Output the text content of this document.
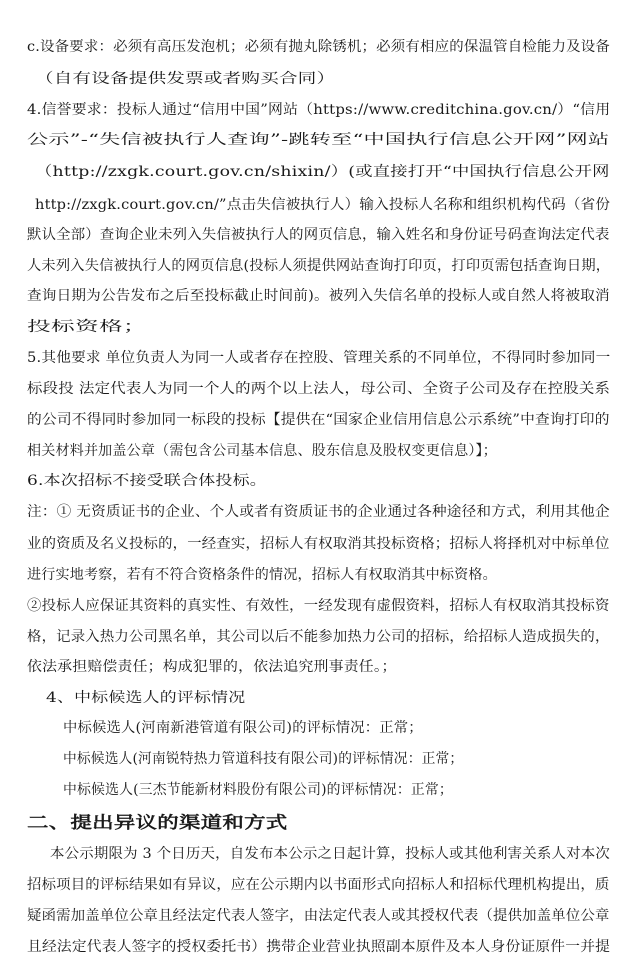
c.设备要求：必须有高压发泡机；必须有抛丸除锈机；必须有相应的保温管自检能力及设备
（自有设备提供发票或者购买合同）
4.信誉要求：投标人通过“信用中国”网站（https://www.creditchina.gov.cn/）“信用
公示”-“失信被执行人查询”-跳转至“中国执行信息公开网”网站
（http://zxgk.court.gov.cn/shixin/）(或直接打开“中国执行信息公开网
http://zxgk.court.gov.cn/”点击失信被执行人）输入投标人名称和组织机构代码（省份
默认全部）查询企业未列入失信被执行人的网页信息，输入姓名和身份证号码查询法定代表
人未列入失信被执行人的网页信息(投标人须提供网站查询打印页，打印页需包括查询日期，
查询日期为公告发布之后至投标截止时间前)。被列入失信名单的投标人或自然人将被取消
投标资格；
5.其他要求 单位负责人为同一人或者存在控股、管理关系的不同单位，不得同时参加同一
标段投 法定代表人为同一个人的两个以上法人，母公司、全资子公司及存在控股关系
的公司不得同时参加同一标段的投标【提供在“国家企业信用信息公示系统”中查询打印的
相关材料并加盖公章（需包含公司基本信息、股东信息及股权变更信息）】；
6.本次招标不接受联合体投标。
注：① 无资质证书的企业、个人或者有资质证书的企业通过各种途径和方式，利用其他企
业的资质及名义投标的，一经查实，招标人有权取消其投标资格；招标人将择机对中标单位
进行实地考察，若有不符合资格条件的情况，招标人有权取消其中标资格。
②投标人应保证其资料的真实性、有效性，一经发现有虚假资料，招标人有权取消其投标资
格，记录入热力公司黑名单，其公司以后不能参加热力公司的招标，给招标人造成损失的，
依法承担赔偿责任；构成犯罪的，依法追究刑事责任。；
4、中标候选人的评标情况
中标候选人(河南新港管道有限公司)的评标情况：正常；
中标候选人(河南锐特热力管道科技有限公司)的评标情况：正常；
中标候选人(三杰节能新材料股份有限公司)的评标情况：正常；
二、提出异议的渠道和方式
本公示期限为 3 个日历天，自发布本公示之日起计算，投标人或其他利害关系人对本次
招标项目的评标结果如有异议，应在公示期内以书面形式向招标人和招标代理机构提出，质
疑函需加盖单位公章且经法定代表人签字，由法定代表人或其授权代表（提供加盖单位公章
且经法定代表人签字的授权委托书）携带企业营业执照副本原件及本人身份证原件一并提
